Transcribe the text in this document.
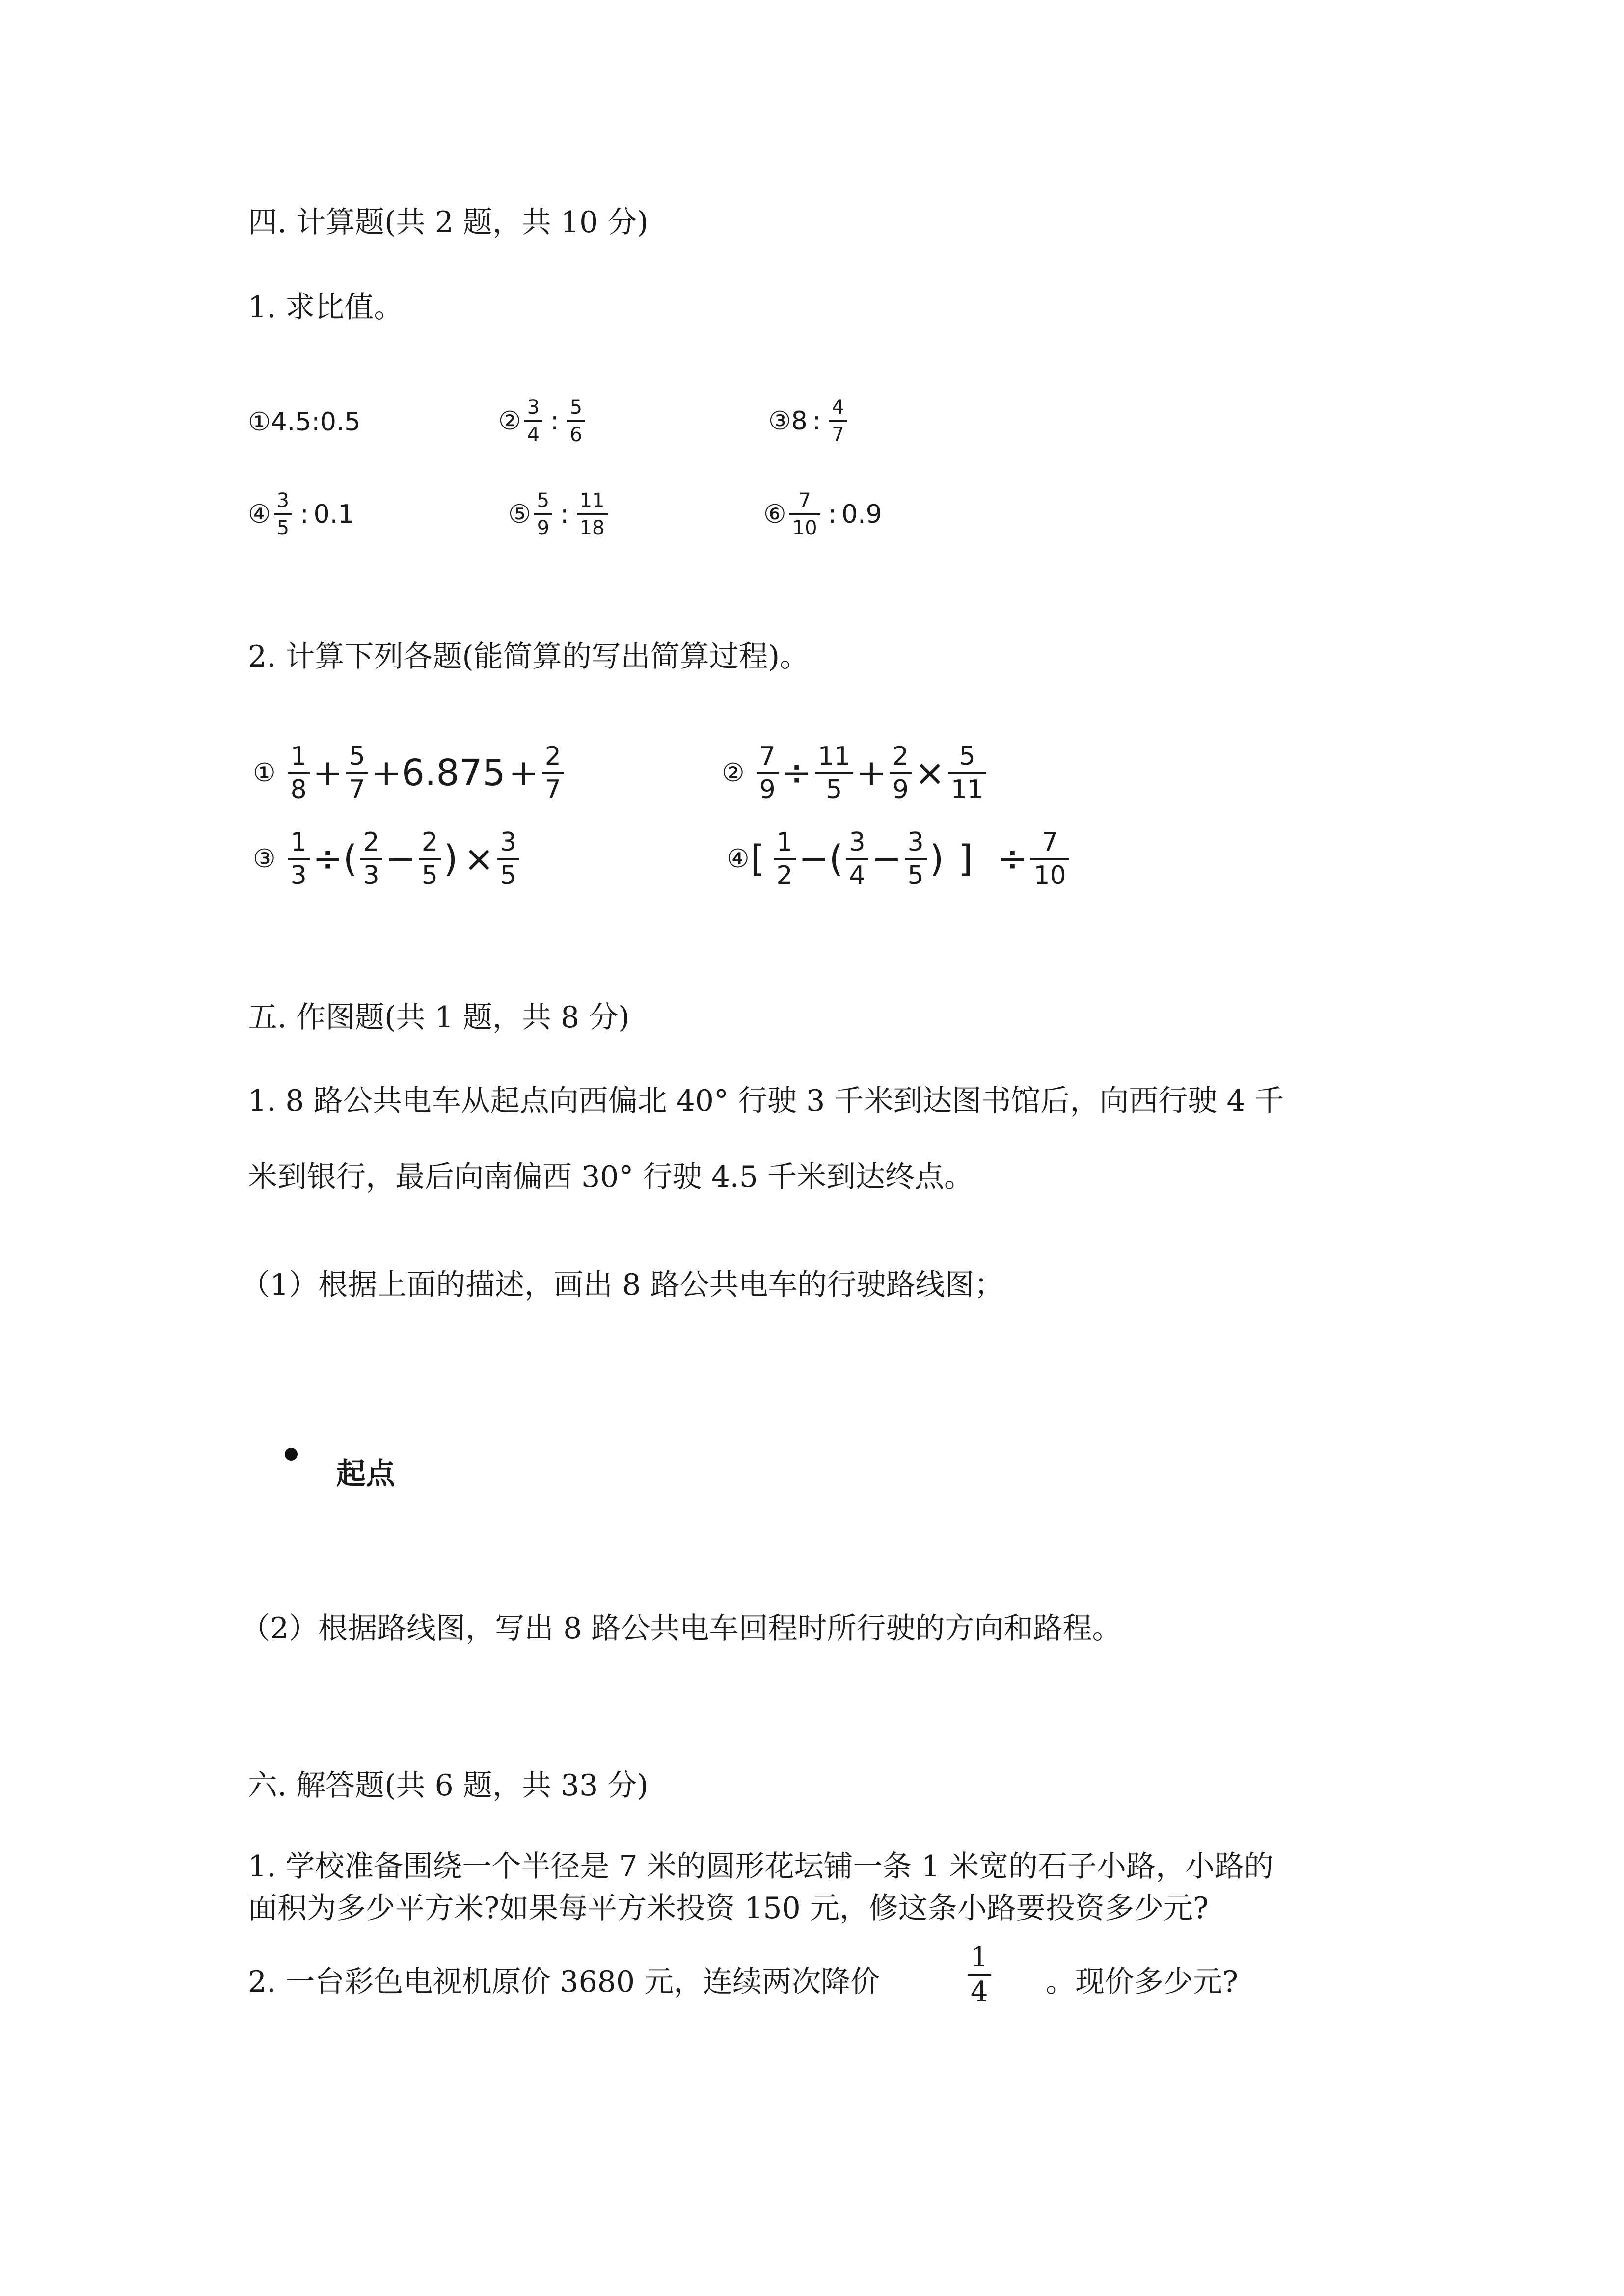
四. 计算题(共 2 题，共 10 分)
1. 求比值。
① 4.5 : 0.5	② $\frac{3}{4}$ : $\frac{5}{6}$	③ 8 : $\frac{4}{7}$
④ $\frac{3}{5}$ : 0.1	⑤ $\frac{5}{9}$ : $\frac{11}{18}$	⑥ $\frac{7}{10}$ : 0.9
2. 计算下列各题(能简算的写出简算过程)。
① $\frac{1}{8} + \frac{5}{7} + 6.875 + \frac{2}{7}$	② $\frac{7}{9} \div \frac{11}{5} + \frac{2}{9} \times \frac{5}{11}$
③ $\frac{1}{3}$ ÷( $\frac{2}{3} - \frac{2}{5}$ ) × $\frac{3}{5}$	④ [ $\frac{1}{2}$ −( $\frac{3}{4} - \frac{3}{5}$ ) ] ÷ $\frac{7}{10}$
五. 作图题(共 1 题，共 8 分)
1. 8 路公共电车从起点向西偏北 40° 行驶 3 千米到达图书馆后，向西行驶 4 千
米到银行，最后向南偏西 30° 行驶 4.5 千米到达终点。
（1）根据上面的描述，画出 8 路公共电车的行驶路线图；
起点
（2）根据路线图，写出 8 路公共电车回程时所行驶的方向和路程。
六. 解答题(共 6 题，共 33 分)
1. 学校准备围绕一个半径是 7 米的圆形花坛铺一条 1 米宽的石子小路，小路的
面积为多少平方米?如果每平方米投资 150 元，修这条小路要投资多少元?
2. 一台彩色电视机原价 3680 元，连续两次降价	$\frac{1}{4}$ 。现价多少元?
